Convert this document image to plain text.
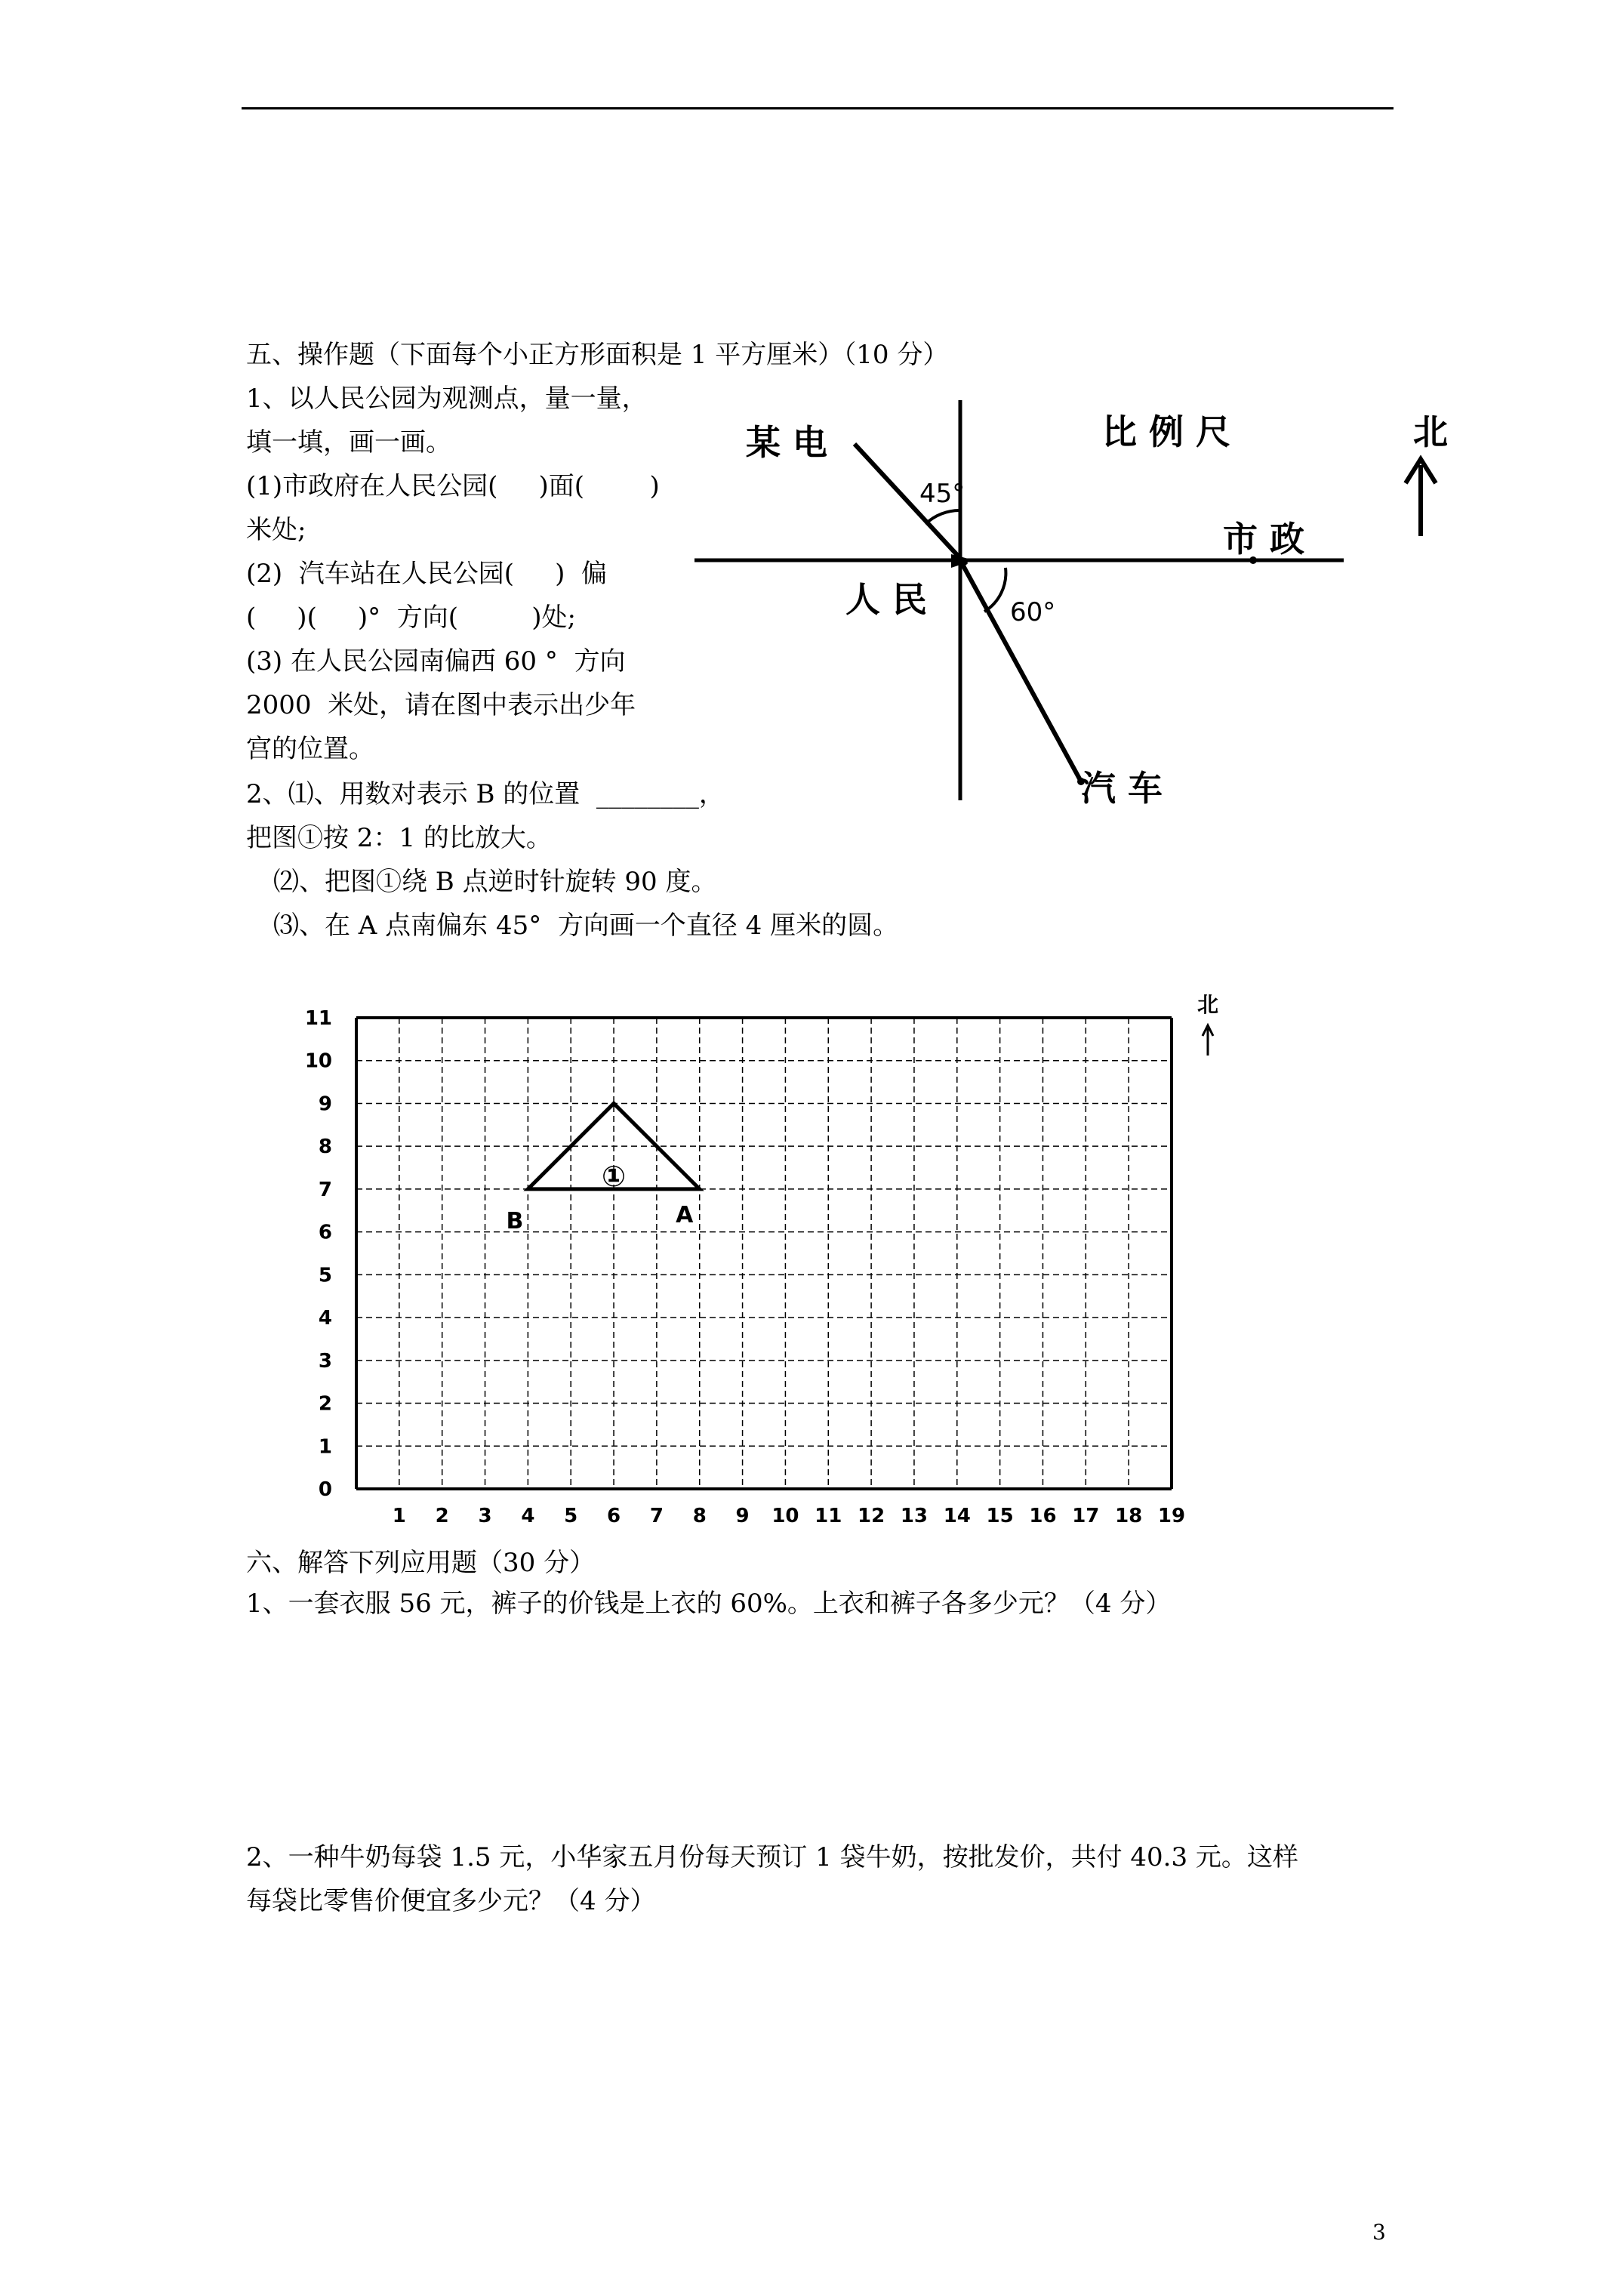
五、操作题（下面每个小正方形面积是 1 平方厘米）（10 分）
1、以人民公园为观测点，量一量，
填一填，画一画。
(1)市政府在人民公园(     )面(        )
米处;
(2)  汽车站在人民公园(     )  偏
(     )(     )°  方向(         )处;
(3) 在人民公园南偏西 60 °  方向
2000  米处，请在图中表示出少年
宫的位置。
2、⑴、用数对表示 B 的位置  ________，
把图①按 2：1 的比放大。
⑵、把图①绕 B 点逆时针旋转 90 度。
⑶、在 A 点南偏东 45°  方向画一个直径 4 厘米的圆。
45°
60°
某 电	比 例 尺	北
市 政
人 民
汽 车
1 2 3 4 5 6 7 8 9 10 11 12 13 14 15 16 17 18 19
0
1
2
3
4
5
6
7
8
9
10
11
①
B	A
北
六、解答下列应用题（30 分）
1、一套衣服 56 元，裤子的价钱是上衣的 60%。上衣和裤子各多少元？（4 分）
2、一种牛奶每袋 1.5 元，小华家五月份每天预订 1 袋牛奶，按批发价，共付 40.3 元。这样
每袋比零售价便宜多少元？（4 分）
3
